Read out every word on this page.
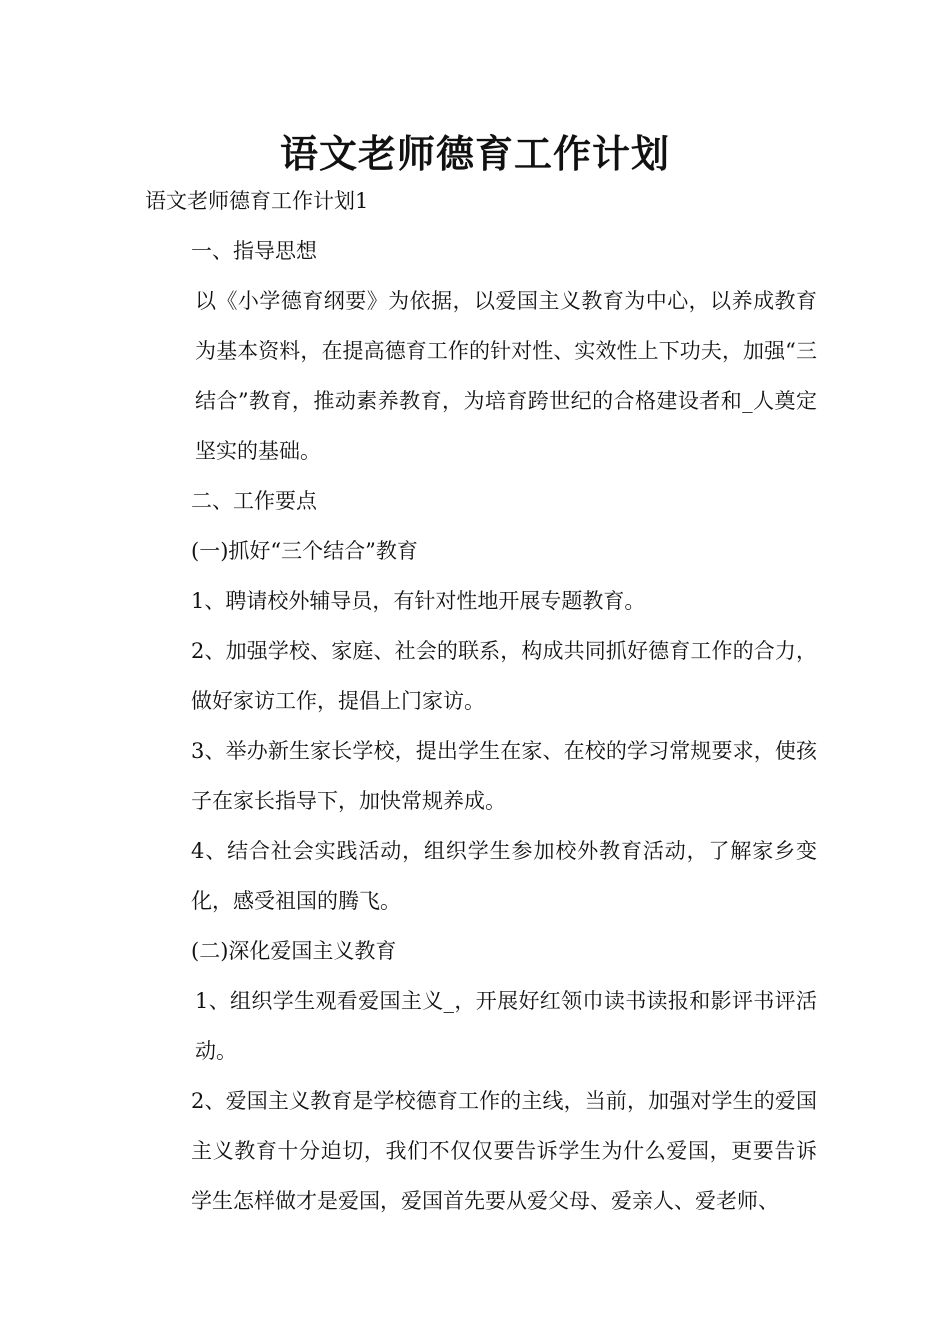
语文老师德育工作计划

语文老师德育工作计划1

一、指导思想

以《小学德育纲要》为依据，以爱国主义教育为中心，以养成教育为基本资料，在提高德育工作的针对性、实效性上下功夫，加强“三结合”教育，推动素养教育，为培育跨世纪的合格建设者和_人奠定坚实的基础。

二、工作要点

(一)抓好“三个结合”教育

1、聘请校外辅导员，有针对性地开展专题教育。

2、加强学校、家庭、社会的联系，构成共同抓好德育工作的合力，做好家访工作，提倡上门家访。

3、举办新生家长学校，提出学生在家、在校的学习常规要求，使孩子在家长指导下，加快常规养成。

4、结合社会实践活动，组织学生参加校外教育活动，了解家乡变化，感受祖国的腾飞。

(二)深化爱国主义教育

1、组织学生观看爱国主义_，开展好红领巾读书读报和影评书评活动。

2、爱国主义教育是学校德育工作的主线，当前，加强对学生的爱国主义教育十分迫切，我们不仅仅要告诉学生为什么爱国，更要告诉学生怎样做才是爱国，爱国首先要从爱父母、爱亲人、爱老师、
